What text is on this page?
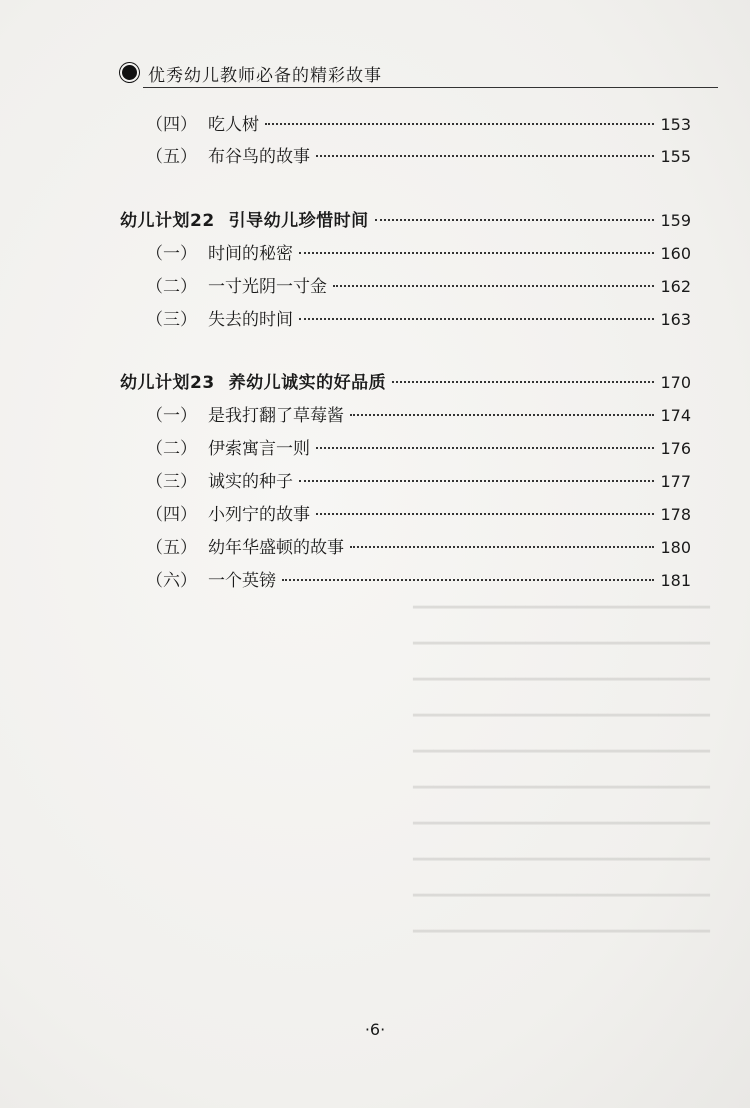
━━━━━━━━━━━━━━━━━━━━━━━━━━━━━
━━━━━━━━━━━━━━━━━━━━━━━━━━━━━
━━━━━━━━━━━━━━━━━━━━━━━━━━━━━
━━━━━━━━━━━━━━━━━━━━━━━━━━━━━
━━━━━━━━━━━━━━━━━━━━━━━━━━━━━
━━━━━━━━━━━━━━━━━━━━━━━━━━━━━
━━━━━━━━━━━━━━━━━━━━━━━━━━━━━
━━━━━━━━━━━━━━━━━━━━━━━━━━━━━
━━━━━━━━━━━━━━━━━━━━━━━━━━━━━
━━━━━━━━━━━━━━━━━━━━━━━━━━━━━
优秀幼儿教师必备的精彩故事
（四） 吃人树	153
（五） 布谷鸟的故事	155
幼儿计划22 引导幼儿珍惜时间	159
（一） 时间的秘密	160
（二） 一寸光阴一寸金	162
（三） 失去的时间	163
幼儿计划23 养幼儿诚实的好品质	170
（一） 是我打翻了草莓酱	174
（二） 伊索寓言一则	176
（三） 诚实的种子	177
（四） 小列宁的故事	178
（五） 幼年华盛顿的故事	180
（六） 一个英镑	181
·6·
